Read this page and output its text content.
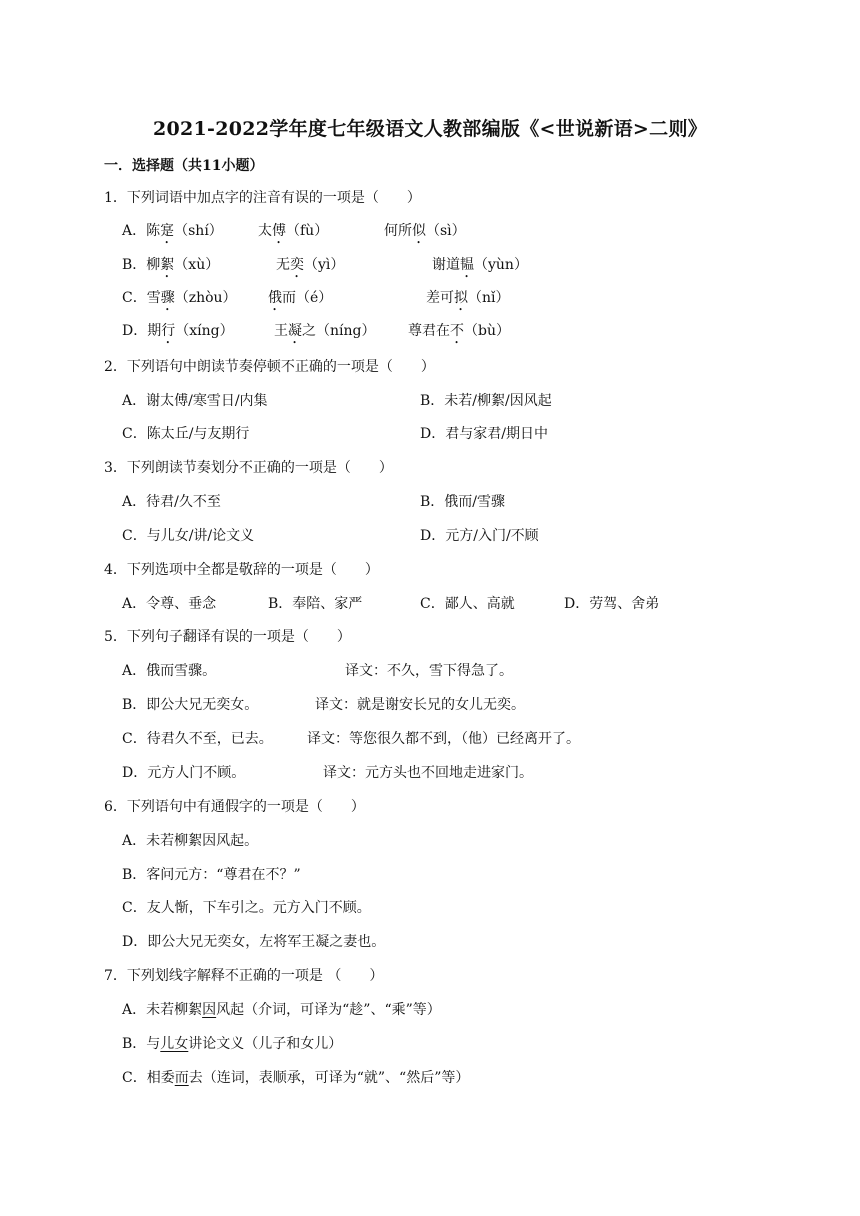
2021-2022学年度七年级语文人教部编版《<世说新语>二则》
一．选择题（共11小题）
1．下列词语中加点字的注音有误的一项是（　　）
A．陈寔（shí）	太傅（fù）	何所似（sì）
B．柳絮（xù）	无奕（yì）	谢道韫（yùn）
C．雪骤（zhòu） 俄而（é）	差可拟（nǐ）
D．期行（xíng）	王凝之（níng） 尊君在不（bù）
2．下列语句中朗读节奏停顿不正确的一项是（　　）
A．谢太傅/寒雪日/内集	B．未若/柳絮/因风起
C．陈太丘/与友期行	D．君与家君/期日中
3．下列朗读节奏划分不正确的一项是（　　）
A．待君/久不至	B．俄而/雪骤
C．与儿女/讲/论文义	D．元方/入门/不顾
4．下列选项中全都是敬辞的一项是（　　）
A．令尊、垂念	B．奉陪、家严	C．鄙人、高就	D．劳驾、舍弟
5．下列句子翻译有误的一项是（　　）
A．俄而雪骤。	译文：不久，雪下得急了。
B．即公大兄无奕女。	译文：就是谢安长兄的女儿无奕。
C．待君久不至，已去。 译文：等您很久都不到，（他）已经离开了。
D．元方人门不顾。	译文：元方头也不回地走进家门。
6．下列语句中有通假字的一项是（　　）
A．未若柳絮因风起。
B．客问元方：“尊君在不？”
C．友人惭，下车引之。元方入门不顾。
D．即公大兄无奕女，左将军王凝之妻也。
7．下列划线字解释不正确的一项是 （　　）
A．未若柳絮因风起（介词，可译为“趁”、“乘”等）
B．与儿女讲论文义（儿子和女儿）
C．相委而去（连词，表顺承，可译为“就”、“然后”等）
